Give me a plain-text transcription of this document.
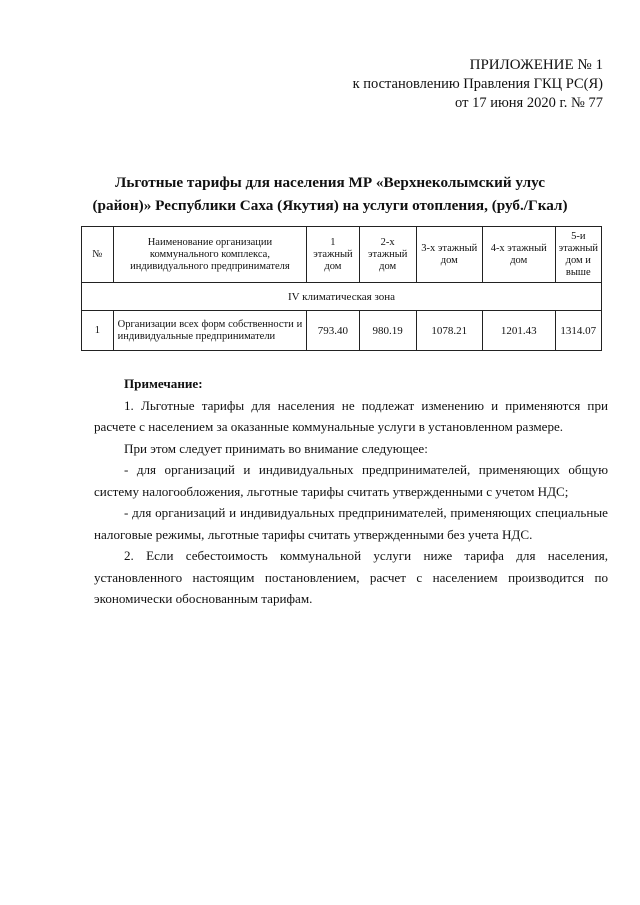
ПРИЛОЖЕНИЕ № 1
к постановлению Правления ГКЦ РС(Я)
от 17 июня 2020 г. № 77
Льготные тарифы для населения МР «Верхнеколымский улус
(район)» Республики Саха (Якутия) на услуги отопления, (руб./Гкал)
№	Наименование организации коммунального комплекса, индивидуального предпринимателя	1 этажный дом	2-х этажный дом	3-х этажный дом	4-х этажный дом	5-и этажный дом и выше
IV климатическая зона						
1	Организации всех форм собственности и индивидуальные предприниматели	793.40	980.19	1078.21	1201.43	1314.07

Примечание:

1. Льготные тарифы для населения не подлежат изменению и применяются при расчете с населением за оказанные коммунальные услуги в установленном размере.

При этом следует принимать во внимание следующее:

- для организаций и индивидуальных предпринимателей, применяющих общую систему налогообложения, льготные тарифы считать утвержденными с учетом НДС;

- для организаций и индивидуальных предпринимателей, применяющих специальные налоговые режимы, льготные тарифы считать утвержденными без учета НДС.

2. Если себестоимость коммунальной услуги ниже тарифа для населения, установленного настоящим постановлением, расчет с населением производится по экономически обоснованным тарифам.
